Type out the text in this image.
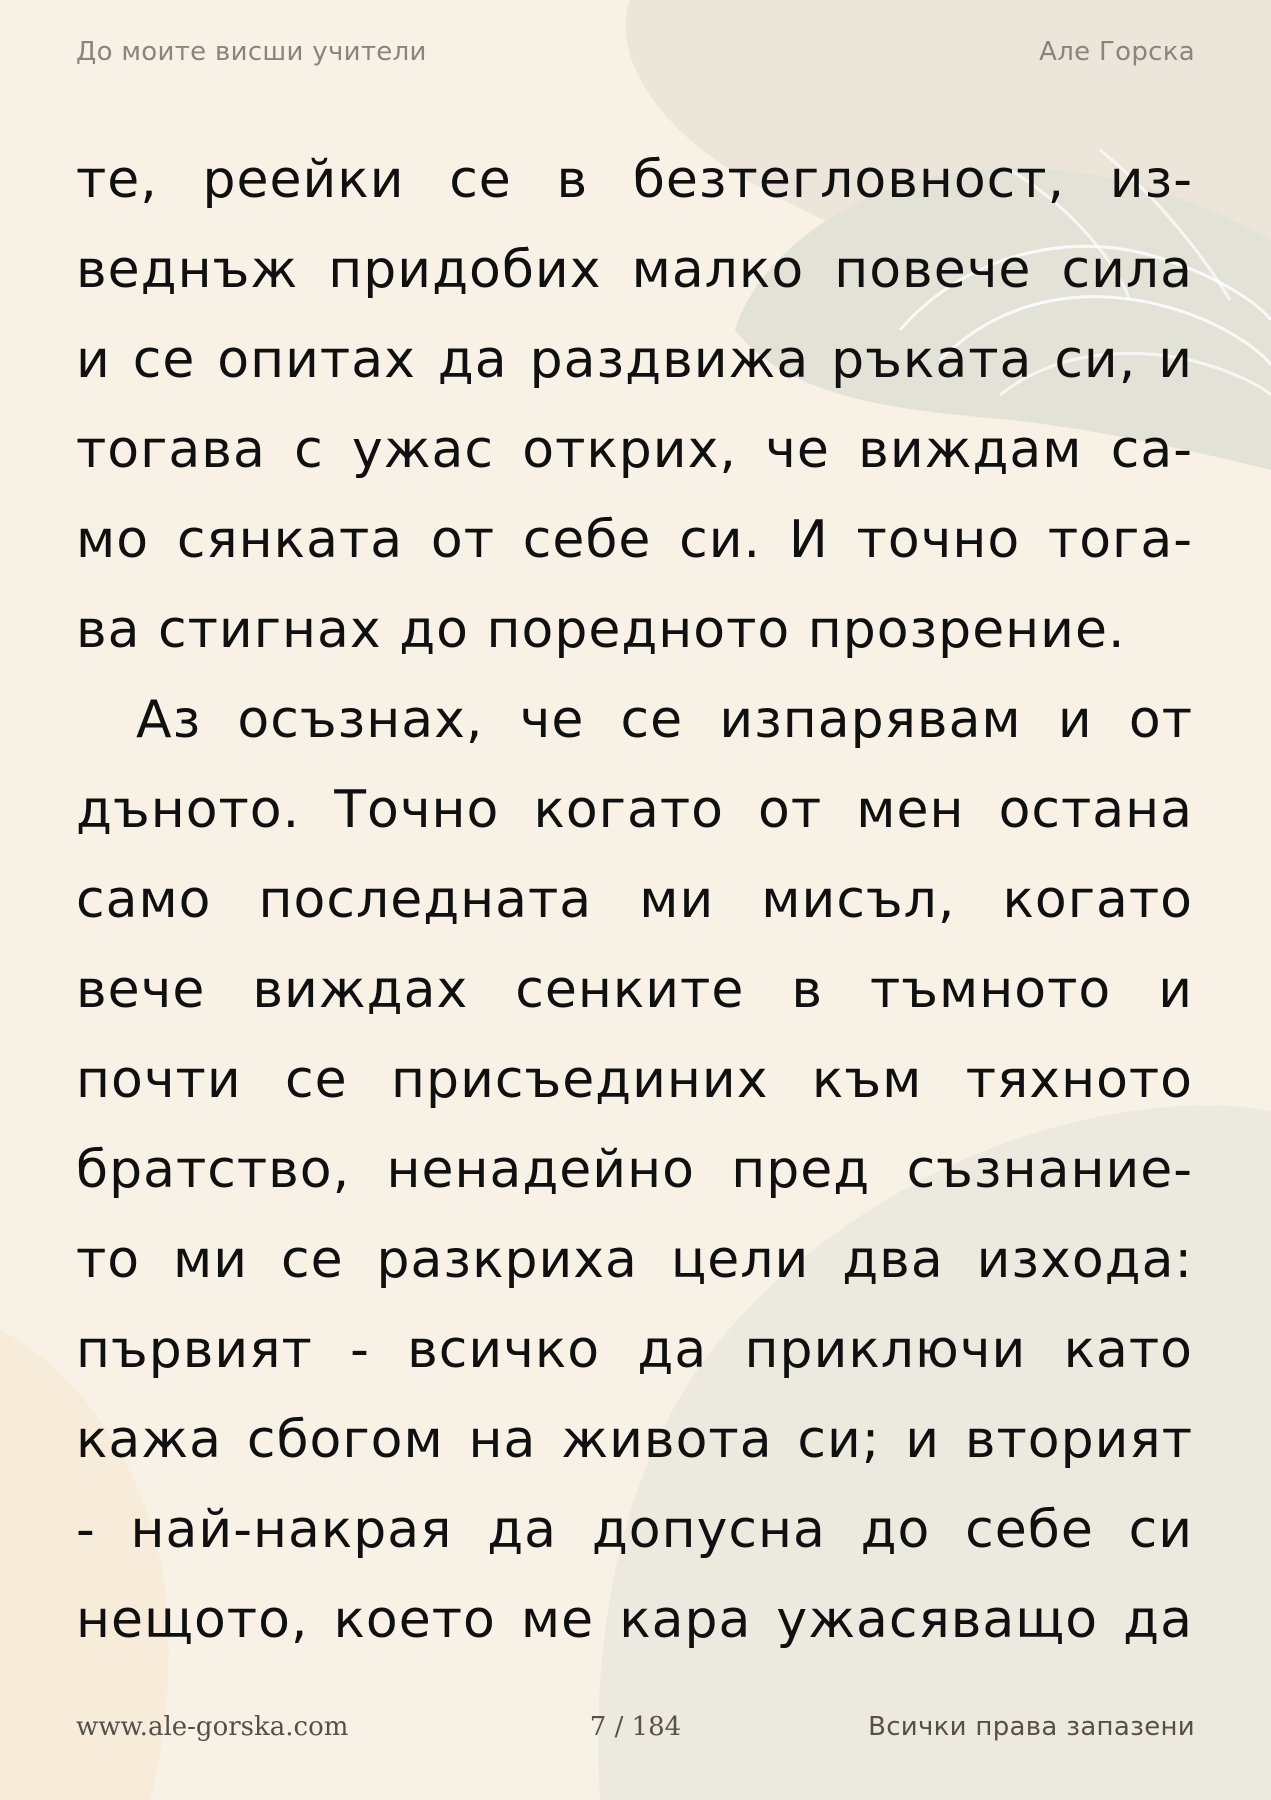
До моите висши учители	Але Горска
те, реейки се в безтегловност, из-
веднъж придобих малко повече сила
и се опитах да раздвижа ръката си, и
тогава с ужас открих, че виждам са-
мо сянката от себе си. И точно тога-
ва стигнах до поредното прозрение.
Аз осъзнах, че се изпарявам и от
дъното. Точно когато от мен остана
само последната ми мисъл, когато
вече виждах сенките в тъмното и
почти се присъединих към тяхното
братство, ненадейно пред съзнание-
то ми се разкриха цели два изхода:
първият - всичко да приключи като
кажа сбогом на живота си; и вторият
- най-накрая да допусна до себе си
нещото, което ме кара ужасяващо да
www.ale-gorska.com	7 / 184	Всички права запазени
